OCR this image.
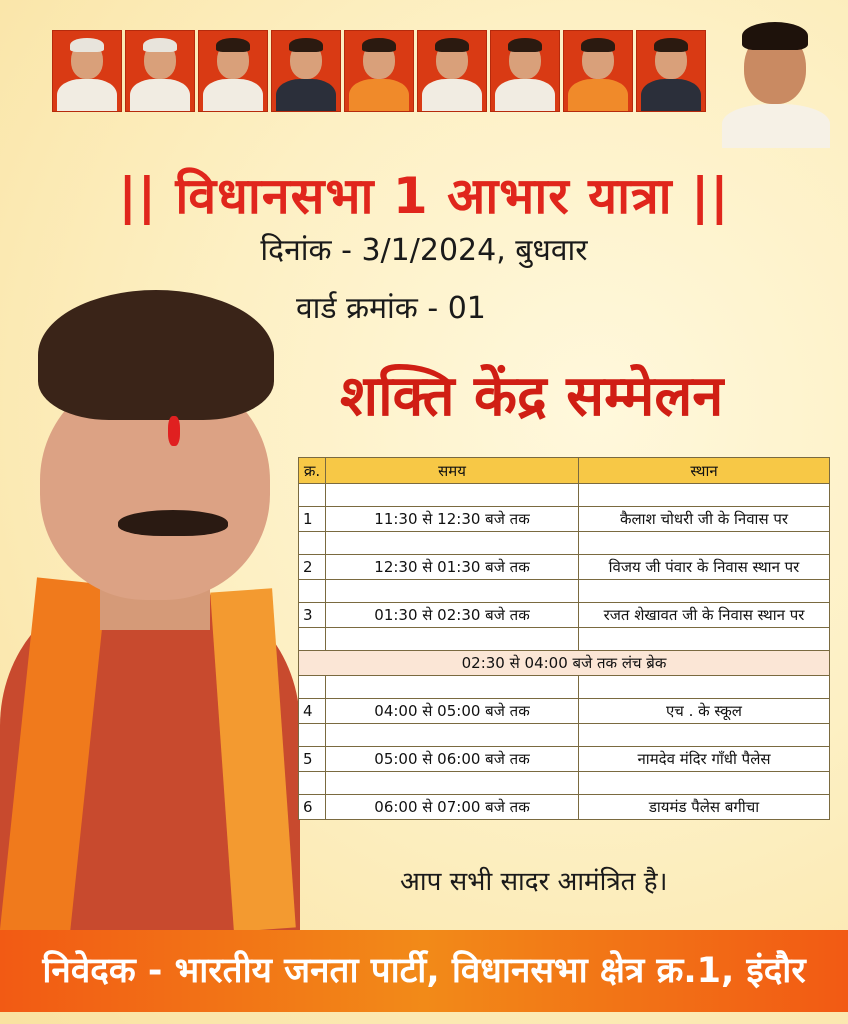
|| विधानसभा 1 आभार यात्रा ||
दिनांक - 3/1/2024, बुधवार
वार्ड क्रमांक - 01
शक्ति केंद्र सम्मेलन
क्र.	समय	स्थान

1	11:30 से 12:30 बजे तक	कैलाश चोधरी जी के निवास पर

2	12:30 से 01:30 बजे तक	विजय जी पंवार के निवास स्थान पर

3	01:30 से 02:30 बजे तक	रजत शेखावत जी के निवास स्थान पर

02:30 से 04:00 बजे तक लंच ब्रेक		

4	04:00 से 05:00 बजे तक	एच . के स्कूल

5	05:00 से 06:00 बजे तक	नामदेव मंदिर गाँधी पैलेस

6	06:00 से 07:00 बजे तक	डायमंड पैलेस बगीचा
आप सभी सादर आमंत्रित है।
निवेदक - भारतीय जनता पार्टी, विधानसभा क्षेत्र क्र.1, इंदौर
